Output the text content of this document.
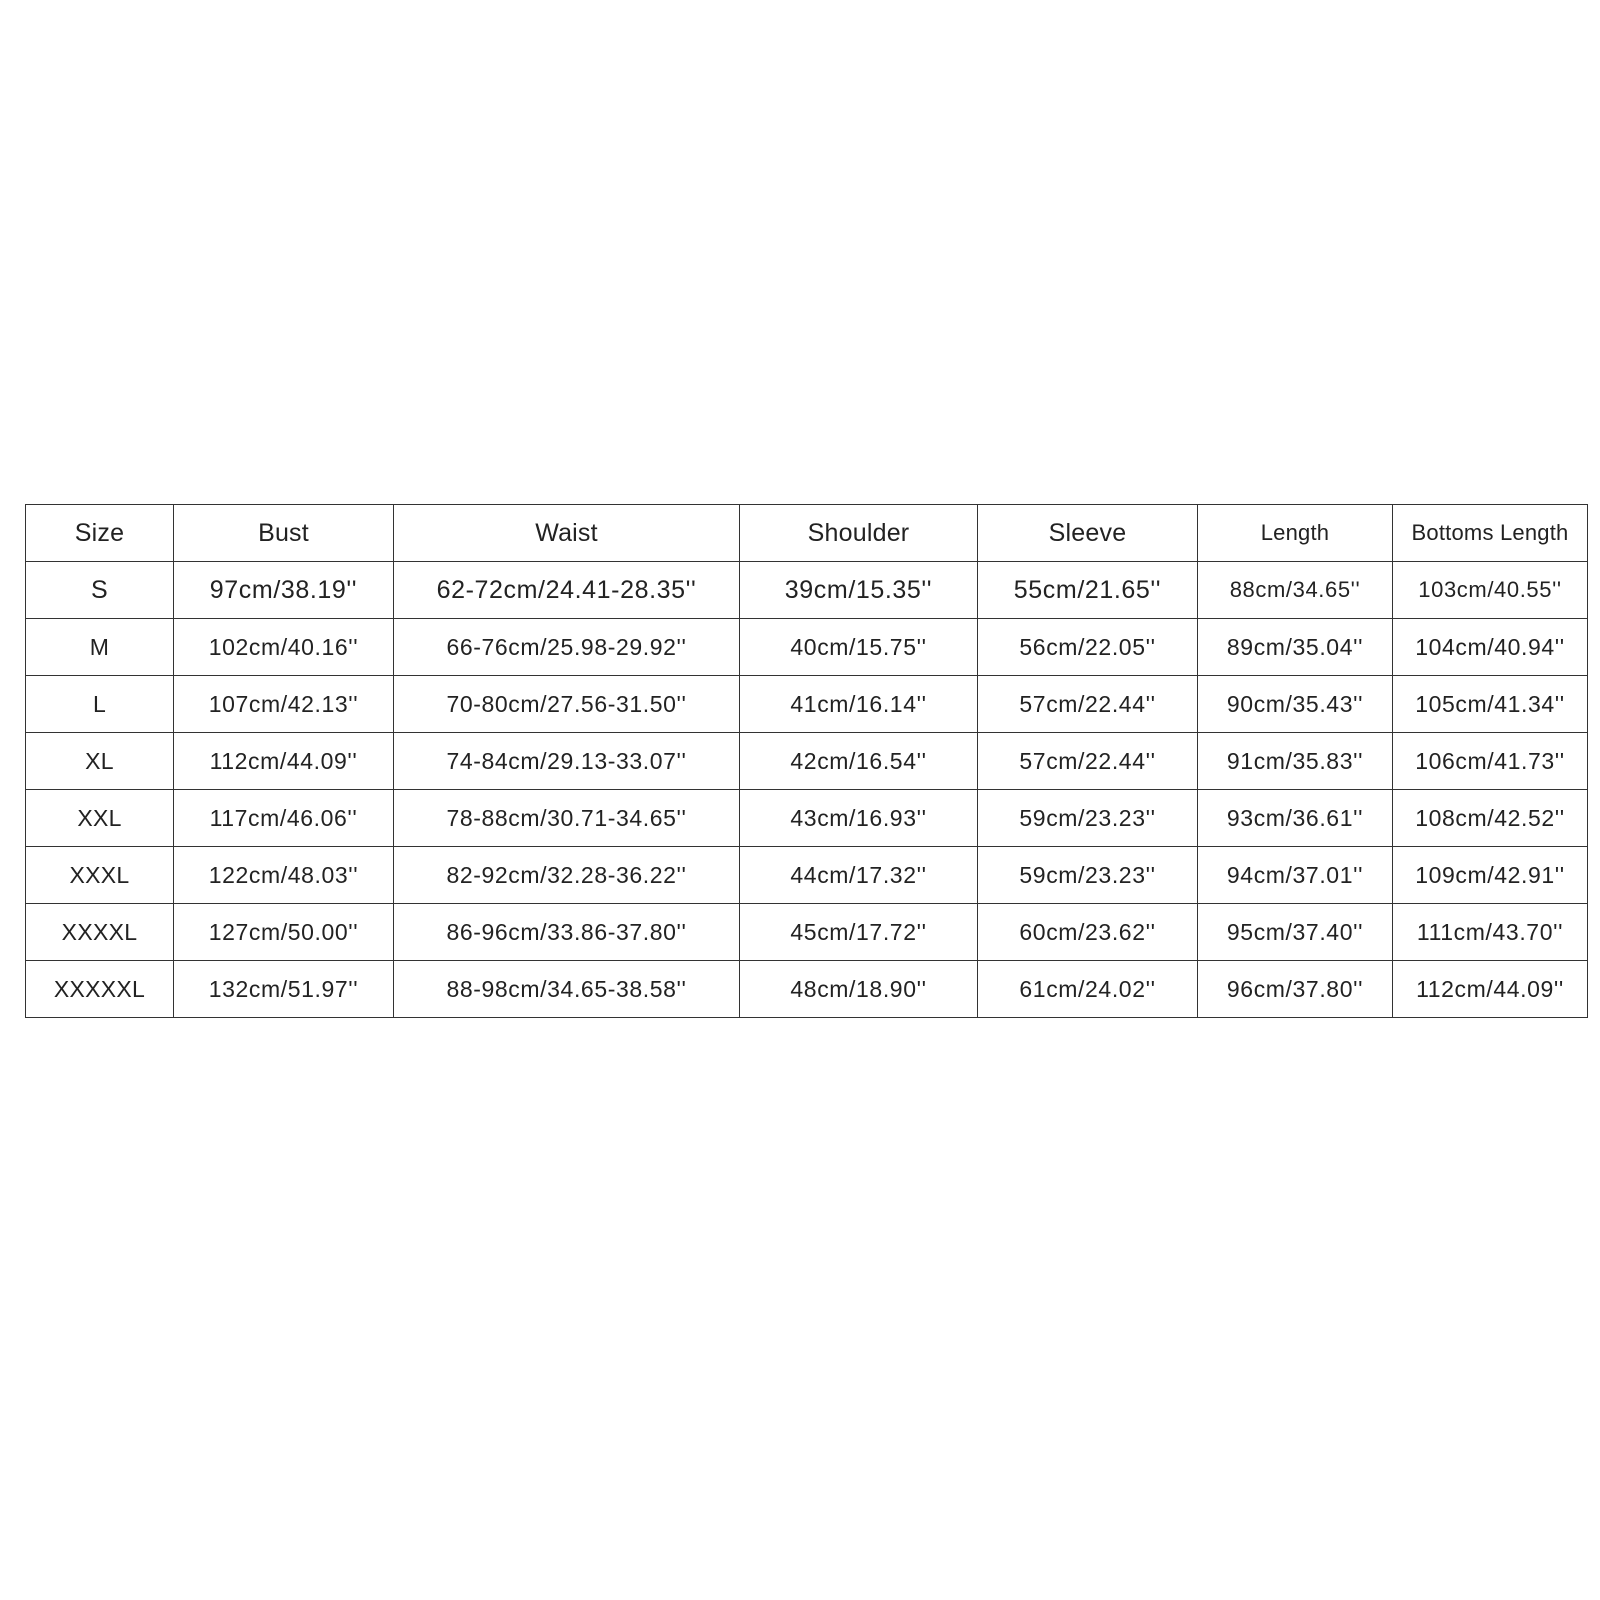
Size	Bust	Waist	Shoulder	Sleeve	Length	Bottoms Length
S	97cm/38.19''	62-72cm/24.41-28.35''	39cm/15.35''	55cm/21.65''	88cm/34.65''	103cm/40.55''
M	102cm/40.16''	66-76cm/25.98-29.92''	40cm/15.75''	56cm/22.05''	89cm/35.04''	104cm/40.94''
L	107cm/42.13''	70-80cm/27.56-31.50''	41cm/16.14''	57cm/22.44''	90cm/35.43''	105cm/41.34''
XL	112cm/44.09''	74-84cm/29.13-33.07''	42cm/16.54''	57cm/22.44''	91cm/35.83''	106cm/41.73''
XXL	117cm/46.06''	78-88cm/30.71-34.65''	43cm/16.93''	59cm/23.23''	93cm/36.61''	108cm/42.52''
XXXL	122cm/48.03''	82-92cm/32.28-36.22''	44cm/17.32''	59cm/23.23''	94cm/37.01''	109cm/42.91''
XXXXL	127cm/50.00''	86-96cm/33.86-37.80''	45cm/17.72''	60cm/23.62''	95cm/37.40''	111cm/43.70''
XXXXXL	132cm/51.97''	88-98cm/34.65-38.58''	48cm/18.90''	61cm/24.02''	96cm/37.80''	112cm/44.09''
